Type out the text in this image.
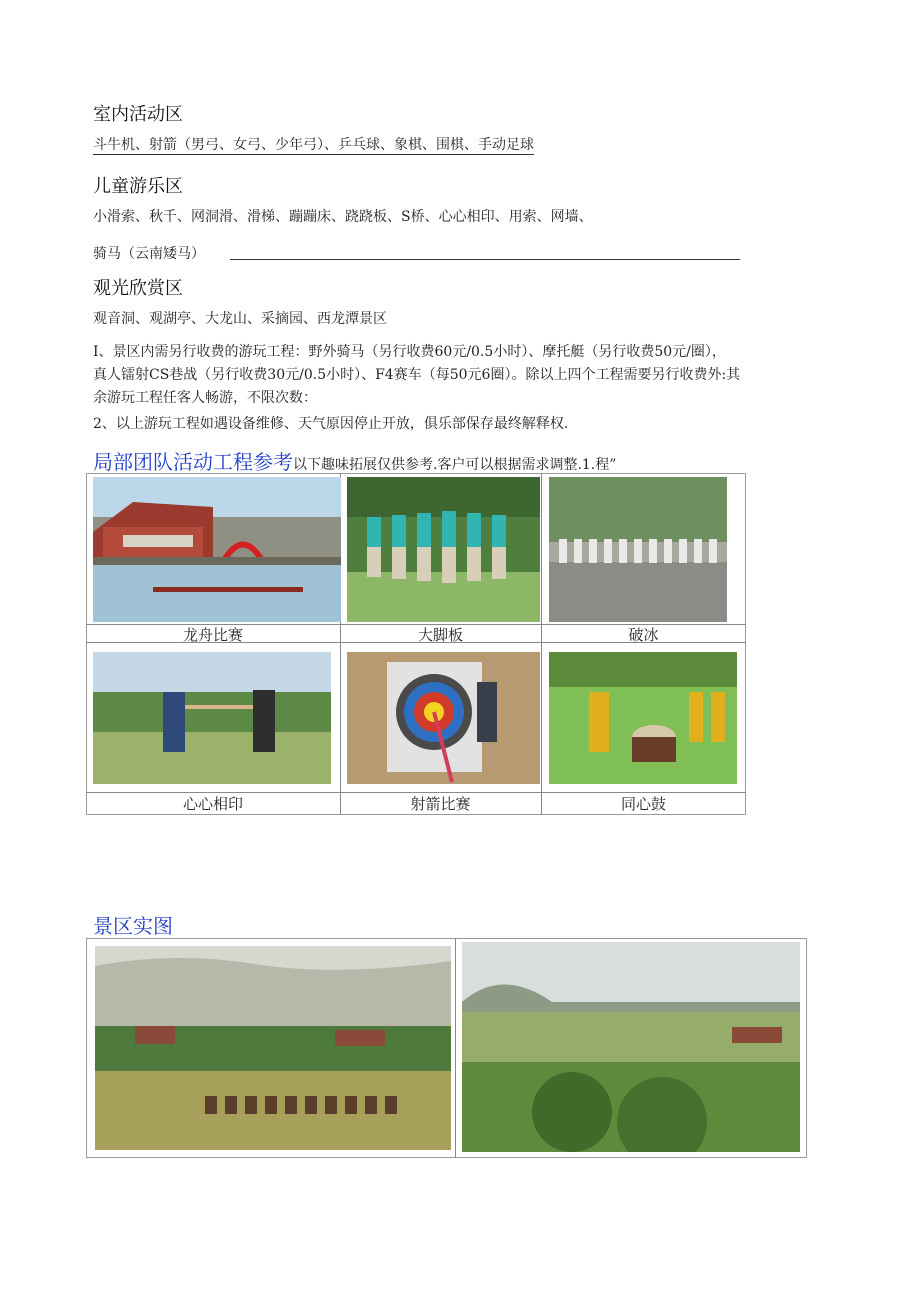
室内活动区
斗牛机、射箭（男弓、女弓、少年弓）、乒乓球、象棋、围棋、手动足球
儿童游乐区
小滑索、秋千、网洞滑、滑梯、蹦蹦床、跷跷板、S桥、心心相印、用索、网墙、
骑马（云南矮马）
观光欣赏区
观音洞、观湖亭、大龙山、采摘园、西龙潭景区
I、景区内需另行收费的游玩工程：野外骑马（另行收费60元/0.5小时）、摩托艇（另行收费50元/圈），
真人镭射CS巷战（另行收费30元/0.5小时）、F4赛车（每50元6圈）。除以上四个工程需要另行收费外:其
余游玩工程任客人畅游，不限次数：
2、以上游玩工程如遇设备维修、天气原因停止开放，俱乐部保存最终解释权.
局部团队活动工程参考以下趣味拓展仅供参考.客户可以根据需求调整.1.程”
龙舟比赛	大脚板	破冰
心心相印	射箭比赛	同心鼓
景区实图
